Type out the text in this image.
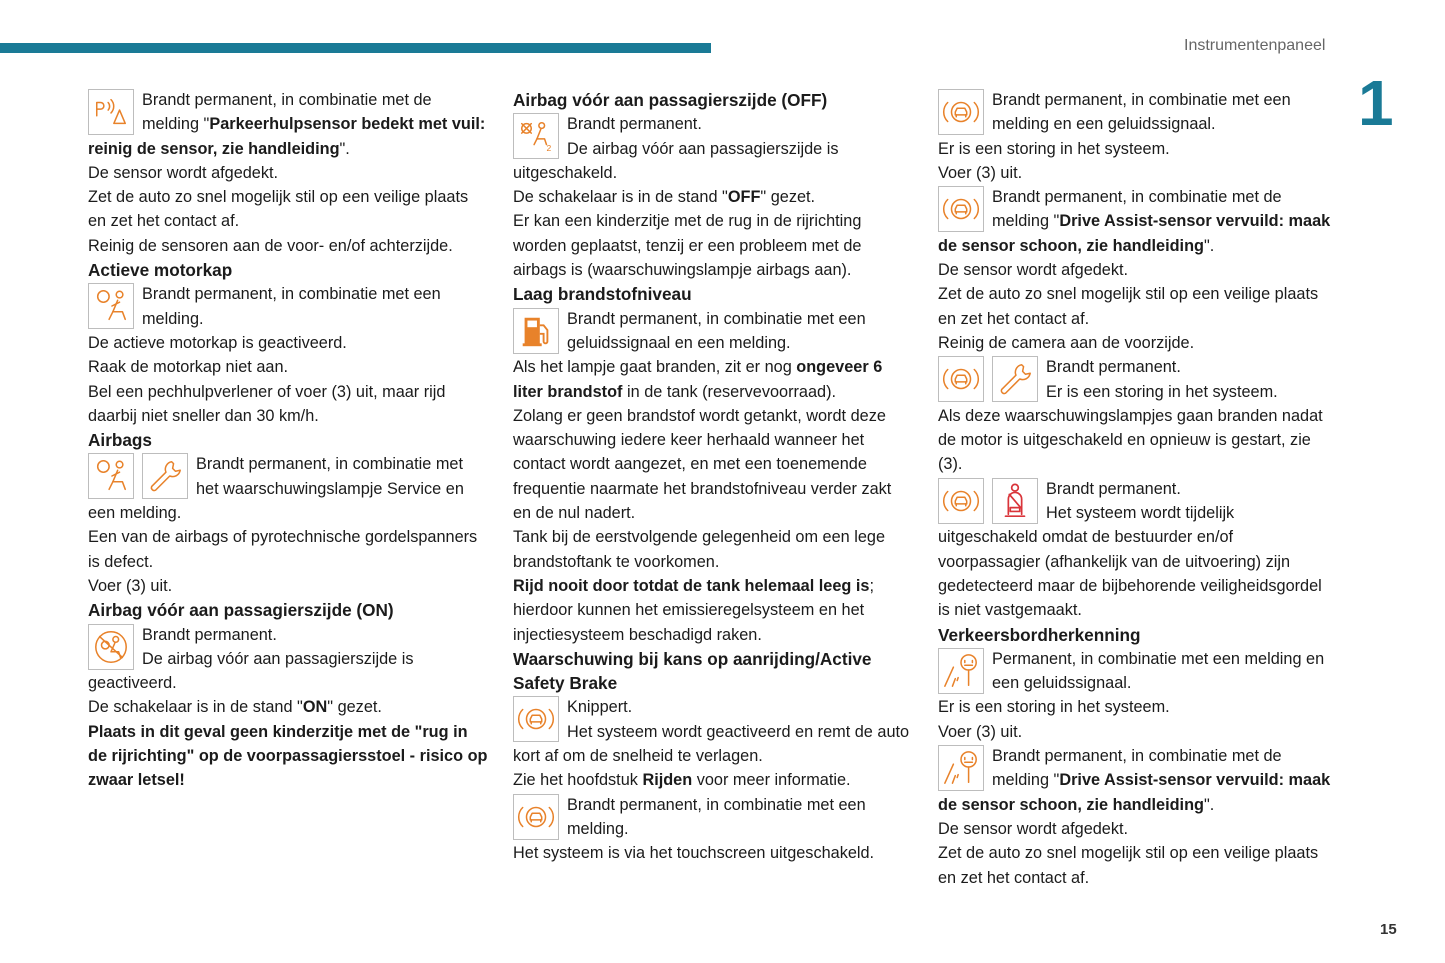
Instrumentenpaneel
1
15

Brandt permanent, in combinatie met de melding "Parkeerhulpsensor bedekt met vuil: reinig de sensor, zie handleiding".

De sensor wordt afgedekt.

Zet de auto zo snel mogelijk stil op een veilige plaats en zet het contact af.

Reinig de sensoren aan de voor- en/of achterzijde.

Actieve motorkap

Brandt permanent, in combinatie met een melding.

De actieve motorkap is geactiveerd.

Raak de motorkap niet aan.

Bel een pechhulpverlener of voer (3) uit, maar rijd daarbij niet sneller dan 30 km/h.

Airbags

Brandt permanent, in combinatie met het waarschuwingslampje Service en een melding.

Een van de airbags of pyrotechnische gordelspanners is defect.

Voer (3) uit.

Airbag vóór aan passagierszijde (ON)

Brandt permanent.

De airbag vóór aan passagierszijde is geactiveerd.

De schakelaar is in de stand "ON" gezet.

Plaats in dit geval geen kinderzitje met de "rug in de rijrichting" op de voorpassagiersstoel - risico op zwaar letsel!

Airbag vóór aan passagierszijde (OFF)

2

Brandt permanent.

De airbag vóór aan passagierszijde is uitgeschakeld.

De schakelaar is in de stand "OFF" gezet.

Er kan een kinderzitje met de rug in de rijrichting worden geplaatst, tenzij er een probleem met de airbags is (waarschuwingslampje airbags aan).

Laag brandstofniveau

Brandt permanent, in combinatie met een geluidssignaal en een melding.

Als het lampje gaat branden, zit er nog ongeveer 6 liter brandstof in de tank (reservevoorraad).

Zolang er geen brandstof wordt getankt, wordt deze waarschuwing iedere keer herhaald wanneer het contact wordt aangezet, en met een toenemende frequentie naarmate het brandstofniveau verder zakt en de nul nadert.

Tank bij de eerstvolgende gelegenheid om een lege brandstoftank te voorkomen.

Rijd nooit door totdat de tank helemaal leeg is; hierdoor kunnen het emissieregelsysteem en het injectiesysteem beschadigd raken.

Waarschuwing bij kans op aanrijding/Active Safety Brake

Knippert.

Het systeem wordt geactiveerd en remt de auto kort af om de snelheid te verlagen.

Zie het hoofdstuk Rijden voor meer informatie.

Brandt permanent, in combinatie met een melding.

Het systeem is via het touchscreen uitgeschakeld.

Brandt permanent, in combinatie met een melding en een geluidssignaal.

Er is een storing in het systeem.

Voer (3) uit.

Brandt permanent, in combinatie met de melding "Drive Assist-sensor vervuild: maak de sensor schoon, zie handleiding".

De sensor wordt afgedekt.

Zet de auto zo snel mogelijk stil op een veilige plaats en zet het contact af.

Reinig de camera aan de voorzijde.

Brandt permanent.

Er is een storing in het systeem.

Als deze waarschuwingslampjes gaan branden nadat de motor is uitgeschakeld en opnieuw is gestart, zie (3).

Brandt permanent.

Het systeem wordt tijdelijk uitgeschakeld omdat de bestuurder en/of voorpassagier (afhankelijk van de uitvoering) zijn gedetecteerd maar de bijbehorende veiligheidsgordel is niet vastgemaakt.

Verkeersbordherkenning

Permanent, in combinatie met een melding en een geluidssignaal.

Er is een storing in het systeem.

Voer (3) uit.

Brandt permanent, in combinatie met de melding "Drive Assist-sensor vervuild: maak de sensor schoon, zie handleiding".

De sensor wordt afgedekt.

Zet de auto zo snel mogelijk stil op een veilige plaats en zet het contact af.
